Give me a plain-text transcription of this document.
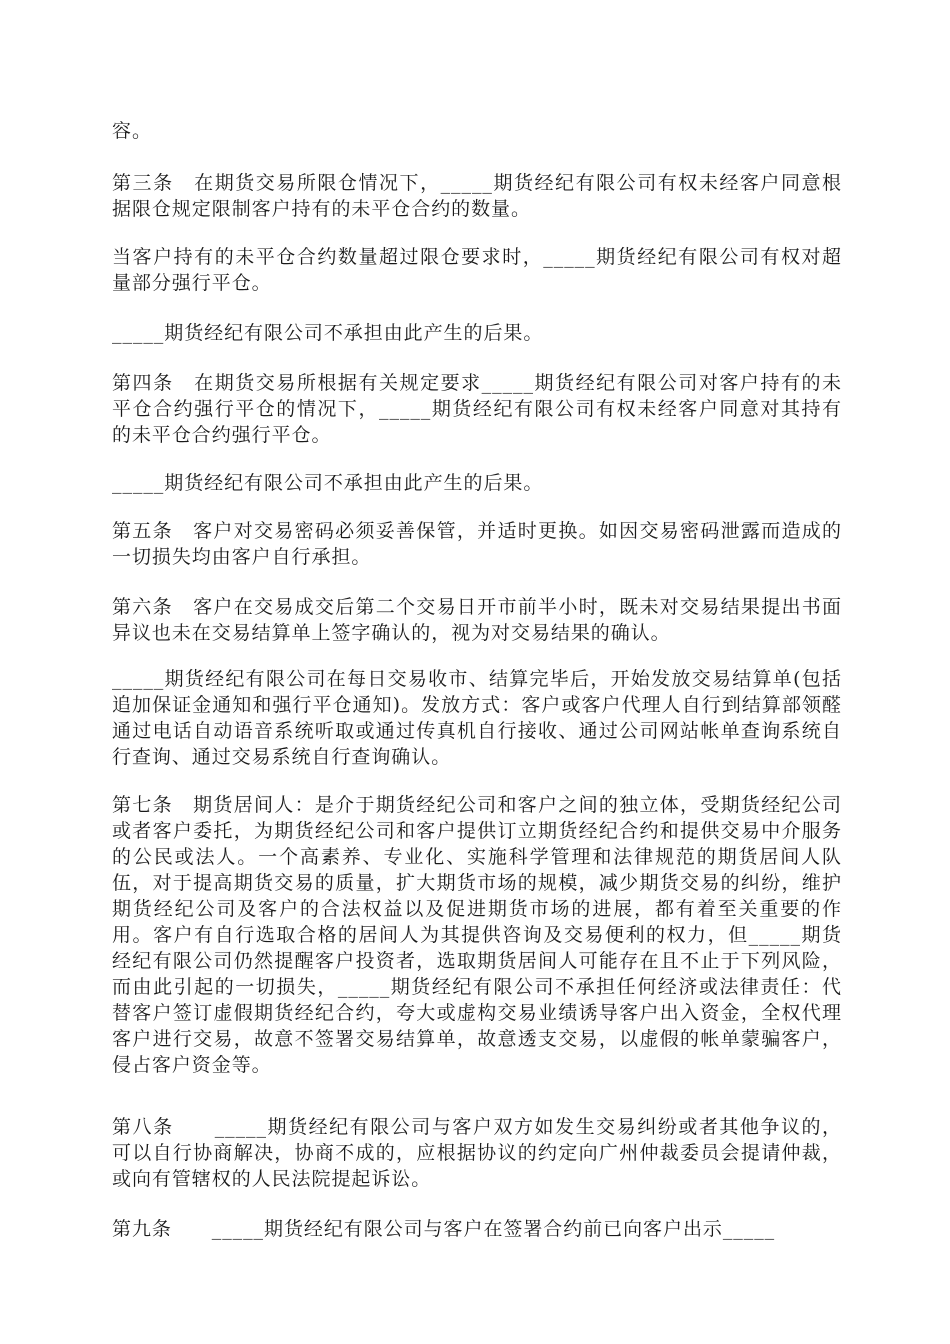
容。

第三条　在期货交易所限仓情况下，_____期货经纪有限公司有权未经客户同意根据限仓规定限制客户持有的未平仓合约的数量。

当客户持有的未平仓合约数量超过限仓要求时，_____期货经纪有限公司有权对超量部分强行平仓。

_____期货经纪有限公司不承担由此产生的后果。

第四条　在期货交易所根据有关规定要求_____期货经纪有限公司对客户持有的未平仓合约强行平仓的情况下，_____期货经纪有限公司有权未经客户同意对其持有的未平仓合约强行平仓。

_____期货经纪有限公司不承担由此产生的后果。

第五条　客户对交易密码必须妥善保管，并适时更换。如因交易密码泄露而造成的一切损失均由客户自行承担。

第六条　客户在交易成交后第二个交易日开市前半小时，既未对交易结果提出书面异议也未在交易结算单上签字确认的，视为对交易结果的确认。

_____期货经纪有限公司在每日交易收市、结算完毕后，开始发放交易结算单(包括追加保证金通知和强行平仓通知)。发放方式：客户或客户代理人自行到结算部领醛 通过电话自动语音系统听取或通过传真机自行接收、通过公司网站帐单查询系统自行查询、通过交易系统自行查询确认。

第七条　期货居间人：是介于期货经纪公司和客户之间的独立体，受期货经纪公司或者客户委托，为期货经纪公司和客户提供订立期货经纪合约和提供交易中介服务的公民或法人。一个高素养、专业化、实施科学管理和法律规范的期货居间人队伍，对于提高期货交易的质量，扩大期货市场的规模，减少期货交易的纠纷，维护期货经纪公司及客户的合法权益以及促进期货市场的进展，都有着至关重要的作用。客户有自行选取合格的居间人为其提供咨询及交易便利的权力，但_____期货经纪有限公司仍然提醒客户投资者，选取期货居间人可能存在且不止于下列风险，而由此引起的一切损失，_____期货经纪有限公司不承担任何经济或法律责任：代替客户签订虚假期货经纪合约，夸大或虚构交易业绩诱导客户出入资金，全权代理客户进行交易，故意不签署交易结算单，故意透支交易，以虚假的帐单蒙骗客户，侵占客户资金等。

第八条　　_____期货经纪有限公司与客户双方如发生交易纠纷或者其他争议的，可以自行协商解决，协商不成的，应根据协议的约定向广州仲裁委员会提请仲裁，或向有管辖权的人民法院提起诉讼。

第九条　　_____期货经纪有限公司与客户在签署合约前已向客户出示_____
